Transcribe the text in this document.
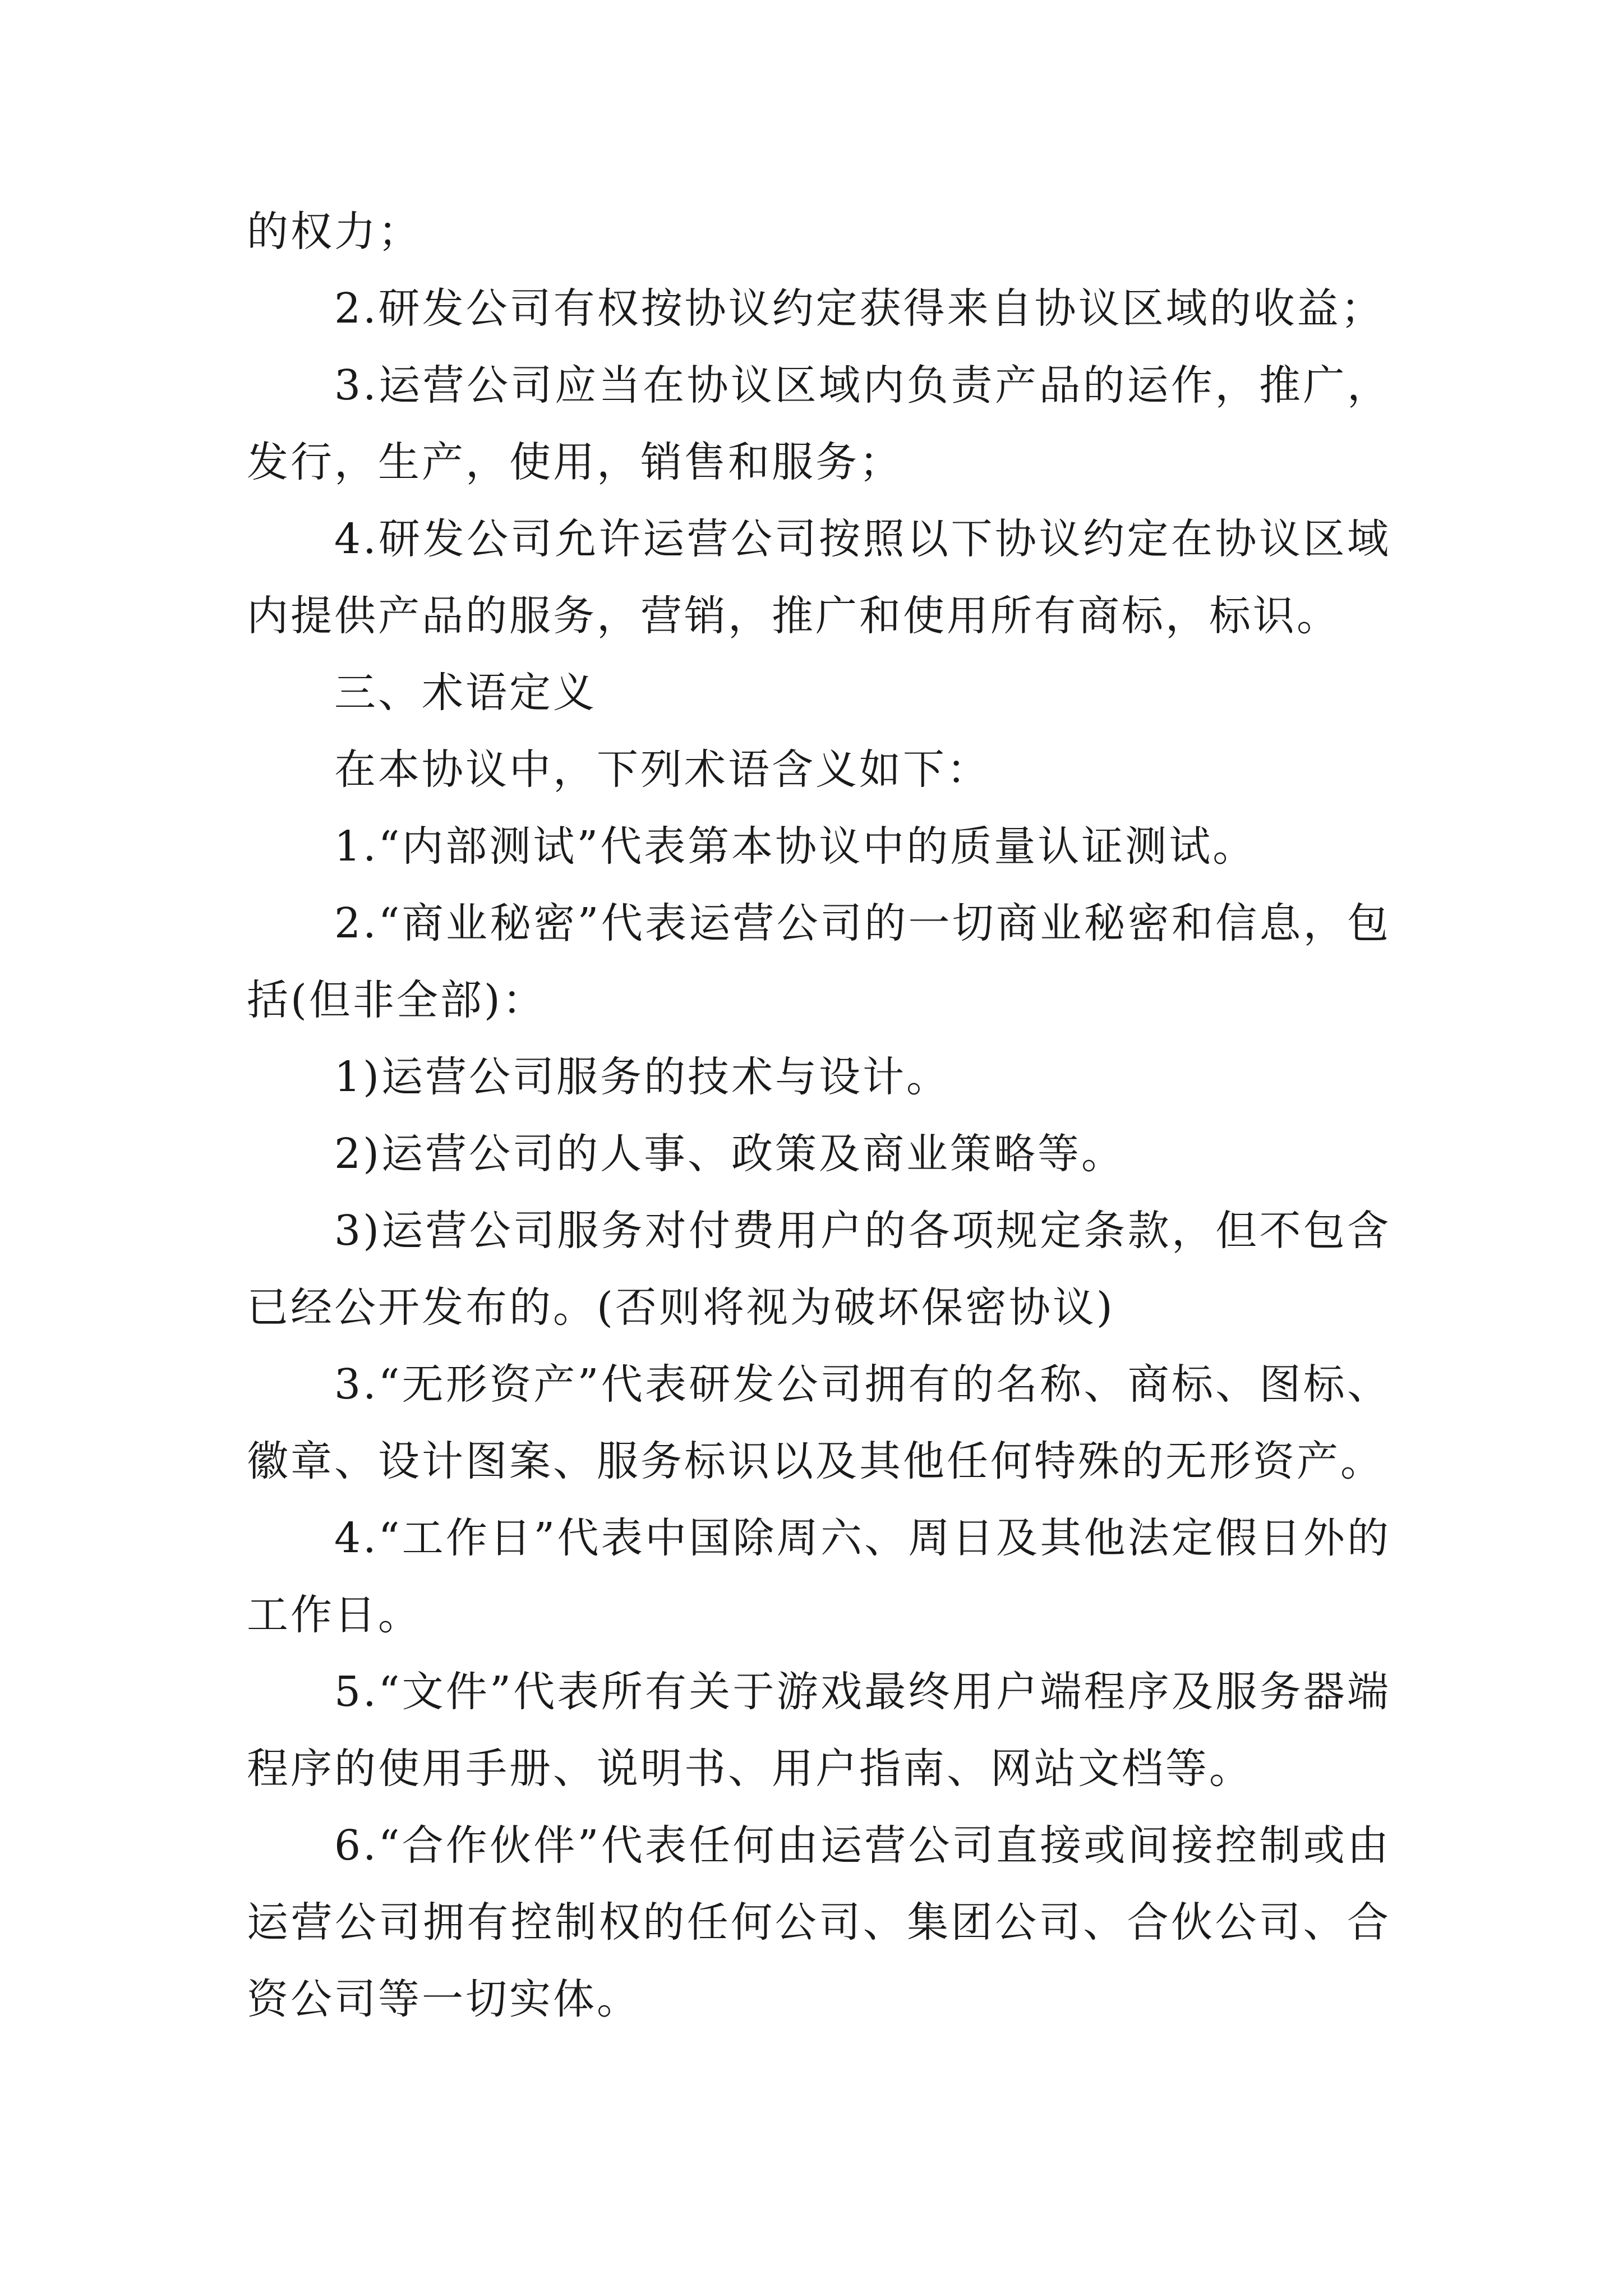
的权力；

2.研发公司有权按协议约定获得来自协议区域的收益；

3.运营公司应当在协议区域内负责产品的运作，推广，发行，生产，使用，销售和服务；

4.研发公司允许运营公司按照以下协议约定在协议区域内提供产品的服务，营销，推广和使用所有商标，标识。

三、术语定义

在本协议中，下列术语含义如下：

1.“内部测试”代表第本协议中的质量认证测试。

2.“商业秘密”代表运营公司的一切商业秘密和信息，包括(但非全部)：

1)运营公司服务的技术与设计。

2)运营公司的人事、政策及商业策略等。

3)运营公司服务对付费用户的各项规定条款，但不包含已经公开发布的。(否则将视为破坏保密协议)

3.“无形资产”代表研发公司拥有的名称、商标、图标、徽章、设计图案、服务标识以及其他任何特殊的无形资产。

4.“工作日”代表中国除周六、周日及其他法定假日外的工作日。

5.“文件”代表所有关于游戏最终用户端程序及服务器端程序的使用手册、说明书、用户指南、网站文档等。

6.“合作伙伴”代表任何由运营公司直接或间接控制或由运营公司拥有控制权的任何公司、集团公司、合伙公司、合资公司等一切实体。
